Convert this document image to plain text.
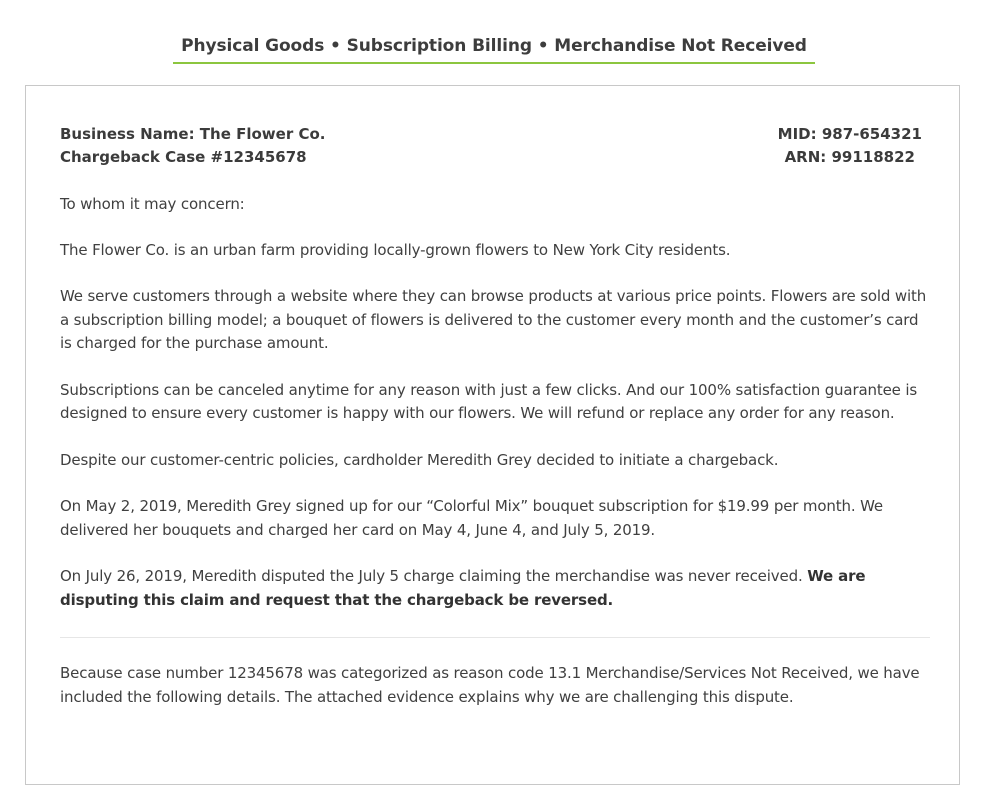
Physical Goods • Subscription Billing • Merchandise Not Received
Business Name: The Flower Co.
Chargeback Case #12345678
MID: 987-654321
ARN: 99118822

To whom it may concern:

The Flower Co. is an urban farm providing locally-grown flowers to New York City residents.

We serve customers through a website where they can browse products at various price points. Flowers are sold with a subscription billing model; a bouquet of flowers is delivered to the customer every month and the customer’s card is charged for the purchase amount.

Subscriptions can be canceled anytime for any reason with just a few clicks. And our 100% satisfaction guarantee is designed to ensure every customer is happy with our flowers. We will refund or replace any order for any reason.

Despite our customer-centric policies, cardholder Meredith Grey decided to initiate a chargeback.

On May 2, 2019, Meredith Grey signed up for our “Colorful Mix” bouquet subscription for $19.99 per month. We delivered her bouquets and charged her card on May 4, June 4, and July 5, 2019.

On July 26, 2019, Meredith disputed the July 5 charge claiming the merchandise was never received. We are disputing this claim and request that the chargeback be reversed.

Because case number 12345678 was categorized as reason code 13.1 Merchandise/Services Not Received, we have included the following details. The attached evidence explains why we are challenging this dispute.
